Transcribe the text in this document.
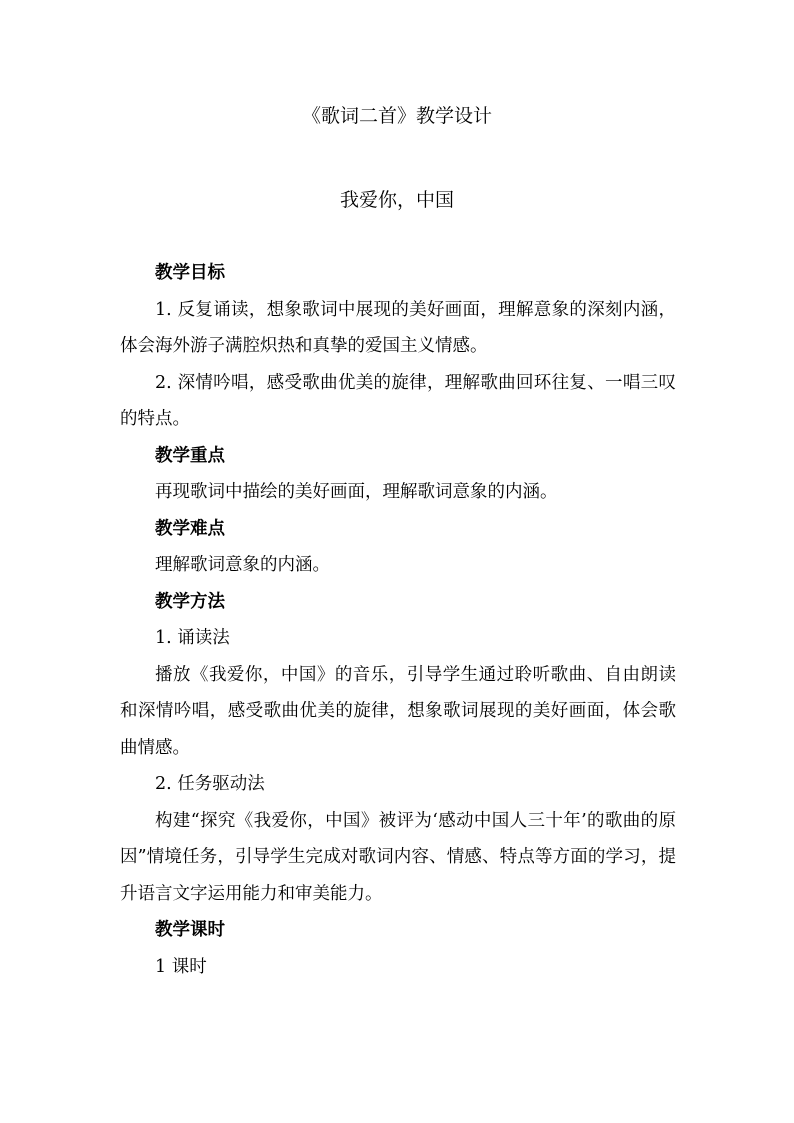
《歌词二首》教学设计
我爱你，中国

教学目标

1. 反复诵读，想象歌词中展现的美好画面，理解意象的深刻内涵，体会海外游子满腔炽热和真挚的爱国主义情感。

2. 深情吟唱，感受歌曲优美的旋律，理解歌曲回环往复、一唱三叹的特点。

教学重点

再现歌词中描绘的美好画面，理解歌词意象的内涵。

教学难点

理解歌词意象的内涵。

教学方法

1. 诵读法

播放《我爱你，中国》的音乐，引导学生通过聆听歌曲、自由朗读和深情吟唱，感受歌曲优美的旋律，想象歌词展现的美好画面，体会歌曲情感。

2. 任务驱动法

构建“探究《我爱你，中国》被评为‘感动中国人三十年’的歌曲的原因”情境任务，引导学生完成对歌词内容、情感、特点等方面的学习，提升语言文字运用能力和审美能力。

教学课时

1 课时
